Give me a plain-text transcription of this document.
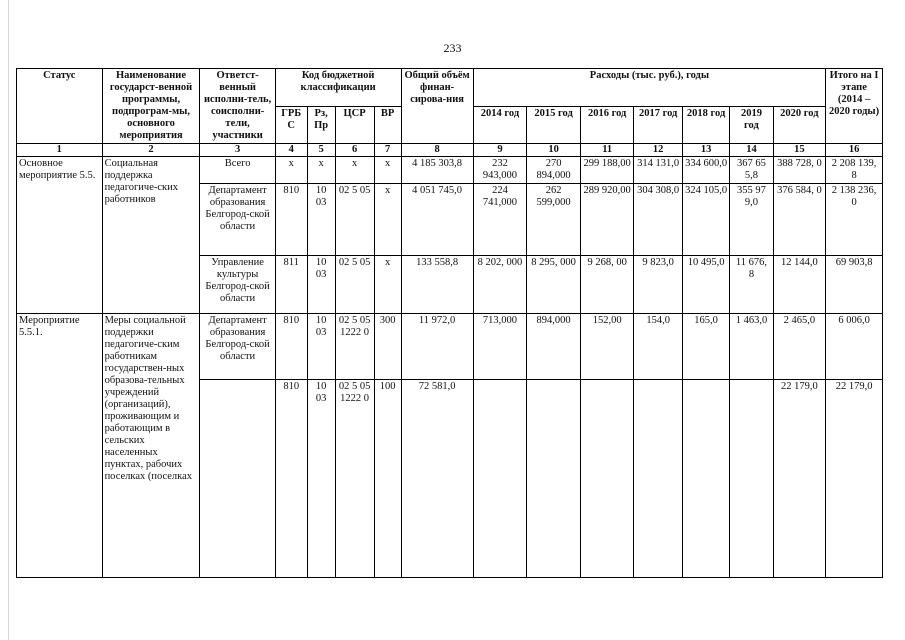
233
Статус	Наименование государст-венной программы, подпрограм-мы, основного мероприятия	Ответст-венный исполни-тель, соисполни-тели, участники	Код бюджетной классификации				Общий объём финан-сирова-ния	Расходы (тыс. руб.), годы							Итого на I этапе (2014 – 2020 годы)
			ГРБ С	Рз, Пр	ЦСР	ВР		2014 год	2015 год	2016 год	2017 год	2018 год	2019 год	2020 год	
1	2	3	4	5	6	7	8	9	10	11	12	13	14	15	16
Основное мероприятие 5.5.	Социальная поддержка педагогичe-ских работников	Всего	х	х	х	х	4 185 303,8	232 943,000	270 894,000	299 188,00	314 131,0	334 600,0	367 65 5,8	388 728, 0	2 208 139, 8
		Департамент образования Белгород-ской области	810	10 03	02 5 05	х	4 051 745,0	224 741,000	262 599,000	289 920,00	304 308,0	324 105,0	355 97 9,0	376 584, 0	2 138 236, 0
		Управление культуры Белгород-ской области	811	10 03	02 5 05	х	133 558,8	8 202, 000	8 295, 000	9 268, 00	9 823,0	10 495,0	11 676, 8	12 144,0	69 903,8
Мероприятие 5.5.1.	Меры социальной поддержки педагогиче-ским работникам государствен-ных образова-тельных учреждений (организаций), проживающим и работающим в сельских населенных пунктах, рабочих поселках (поселках	Департамент образования Белгород-ской области	810	10 03	02 5 05 1222 0	300	11 972,0	713,000	894,000	152,00	154,0	165,0	1 463,0	2 465,0	6 006,0
			810	10 03	02 5 05 1222 0	100	72 581,0							22 179,0	22 179,0
